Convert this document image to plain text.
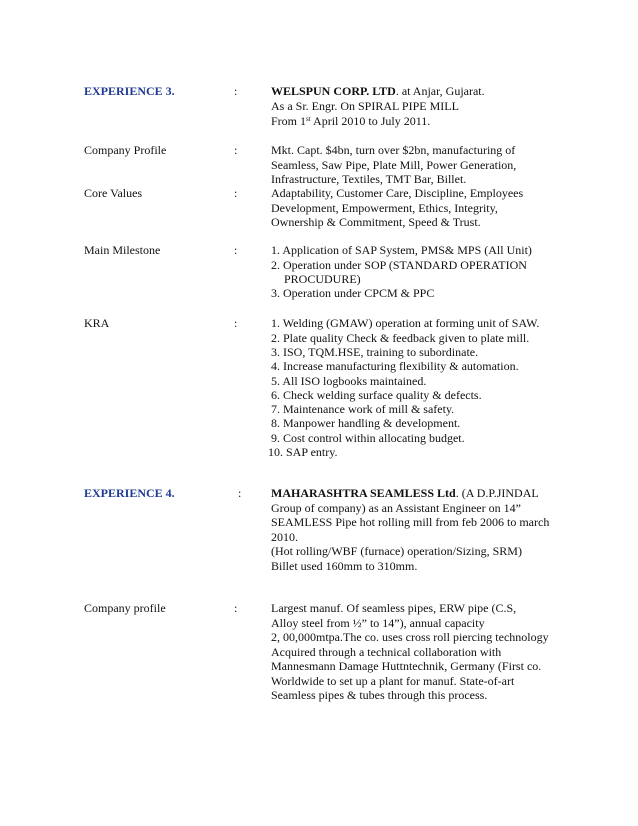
EXPERIENCE 3.	:	WELSPUN CORP. LTD. at Anjar, Gujarat.
As a Sr. Engr. On SPIRAL PIPE MILL
From 1st April 2010 to July 2011.
Company Profile	:	Mkt. Capt. $4bn, turn over $2bn, manufacturing of
Seamless, Saw Pipe, Plate Mill, Power Generation,
Infrastructure, Textiles, TMT Bar, Billet.
Core Values	:	Adaptability, Customer Care, Discipline, Employees
Development, Empowerment, Ethics, Integrity,
Ownership & Commitment, Speed & Trust.
Main Milestone	:	1. Application of SAP System, PMS& MPS (All Unit)
2. Operation under SOP (STANDARD OPERATION
PROCUDURE)
3. Operation under CPCM & PPC
KRA	:	1. Welding (GMAW) operation at forming unit of SAW.
2. Plate quality Check & feedback given to plate mill.
3. ISO, TQM.HSE, training to subordinate.
4. Increase manufacturing flexibility & automation.
5. All ISO logbooks maintained.
6. Check welding surface quality & defects.
7. Maintenance work of mill & safety.
8. Manpower handling & development.
9. Cost control within allocating budget.
10. SAP entry.
EXPERIENCE 4.	: MAHARASHTRA SEAMLESS Ltd. (A D.P.JINDAL
Group of company) as an Assistant Engineer on 14”
SEAMLESS Pipe hot rolling mill from feb 2006 to march
2010.
(Hot rolling/WBF (furnace) operation/Sizing, SRM)
Billet used 160mm to 310mm.
Company profile	:	Largest manuf. Of seamless pipes, ERW pipe (C.S,
Alloy steel from ½” to 14”), annual capacity
2, 00,000mtpa.The co. uses cross roll piercing technology
Acquired through a technical collaboration with
Mannesmann Damage Huttntechnik, Germany (First co.
Worldwide to set up a plant for manuf. State-of-art
Seamless pipes & tubes through this process.
